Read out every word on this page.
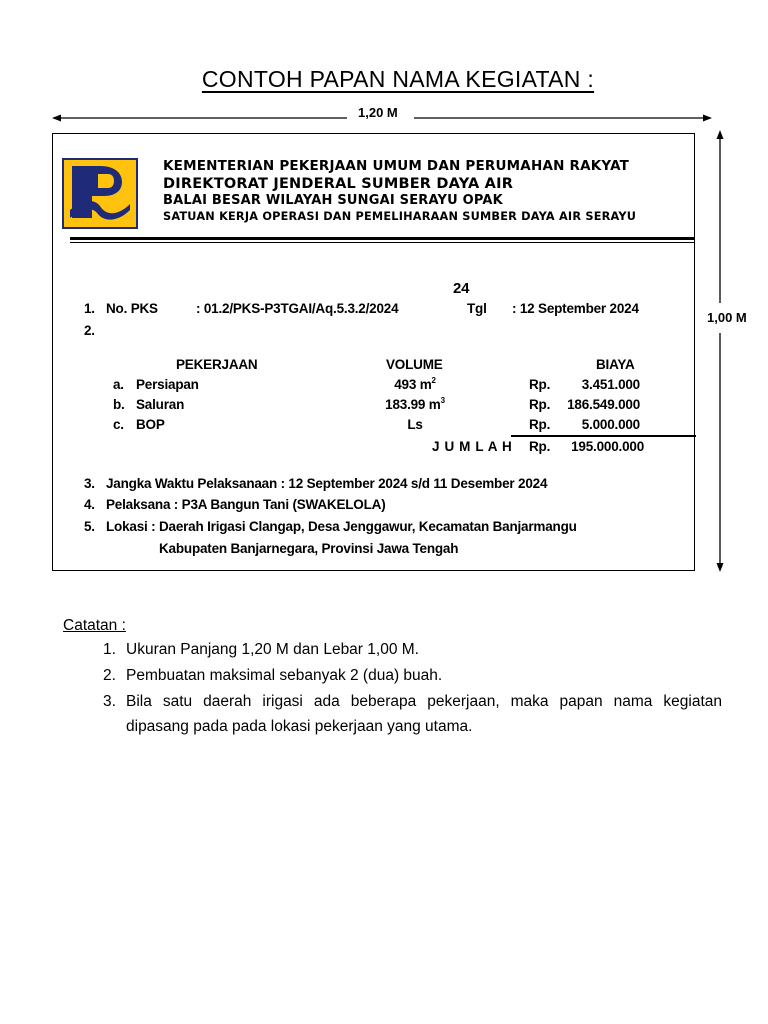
CONTOH PAPAN NAMA KEGIATAN :
1,20 M
1,00 M
KEMENTERIAN PEKERJAAN UMUM DAN PERUMAHAN RAKYAT
DIREKTORAT JENDERAL SUMBER DAYA AIR
BALAI BESAR WILAYAH SUNGAI SERAYU OPAK
SATUAN KERJA OPERASI DAN PEMELIHARAAN SUMBER DAYA AIR SERAYU
24
1. No. PKS	: 01.2/PKS-P3TGAI/Aq.5.3.2/2024	Tgl : 12 September 2024
2.
PEKERJAAN	VOLUME	BIAYA
a. Persiapan	493 $m^2$	Rp.	3.451.000
b. Saluran	183.99 $m^3$	Rp.	186.549.000
c. BOP	Ls	Rp.	5.000.000
J U M L A H Rp.	195.000.000
3. Jangka Waktu Pelaksanaan : 12 September 2024 s/d 11 Desember 2024
4. Pelaksana : P3A Bangun Tani (SWAKELOLA)
5. Lokasi : Daerah Irigasi Clangap, Desa Jenggawur, Kecamatan Banjarmangu
Kabupaten Banjarnegara, Provinsi Jawa Tengah
Catatan :
1. Ukuran Panjang 1,20 M dan Lebar 1,00 M.
2. Pembuatan maksimal sebanyak 2 (dua) buah.
3. Bila satu daerah irigasi ada beberapa pekerjaan, maka papan nama kegiatan
dipasang pada pada lokasi pekerjaan yang utama.
